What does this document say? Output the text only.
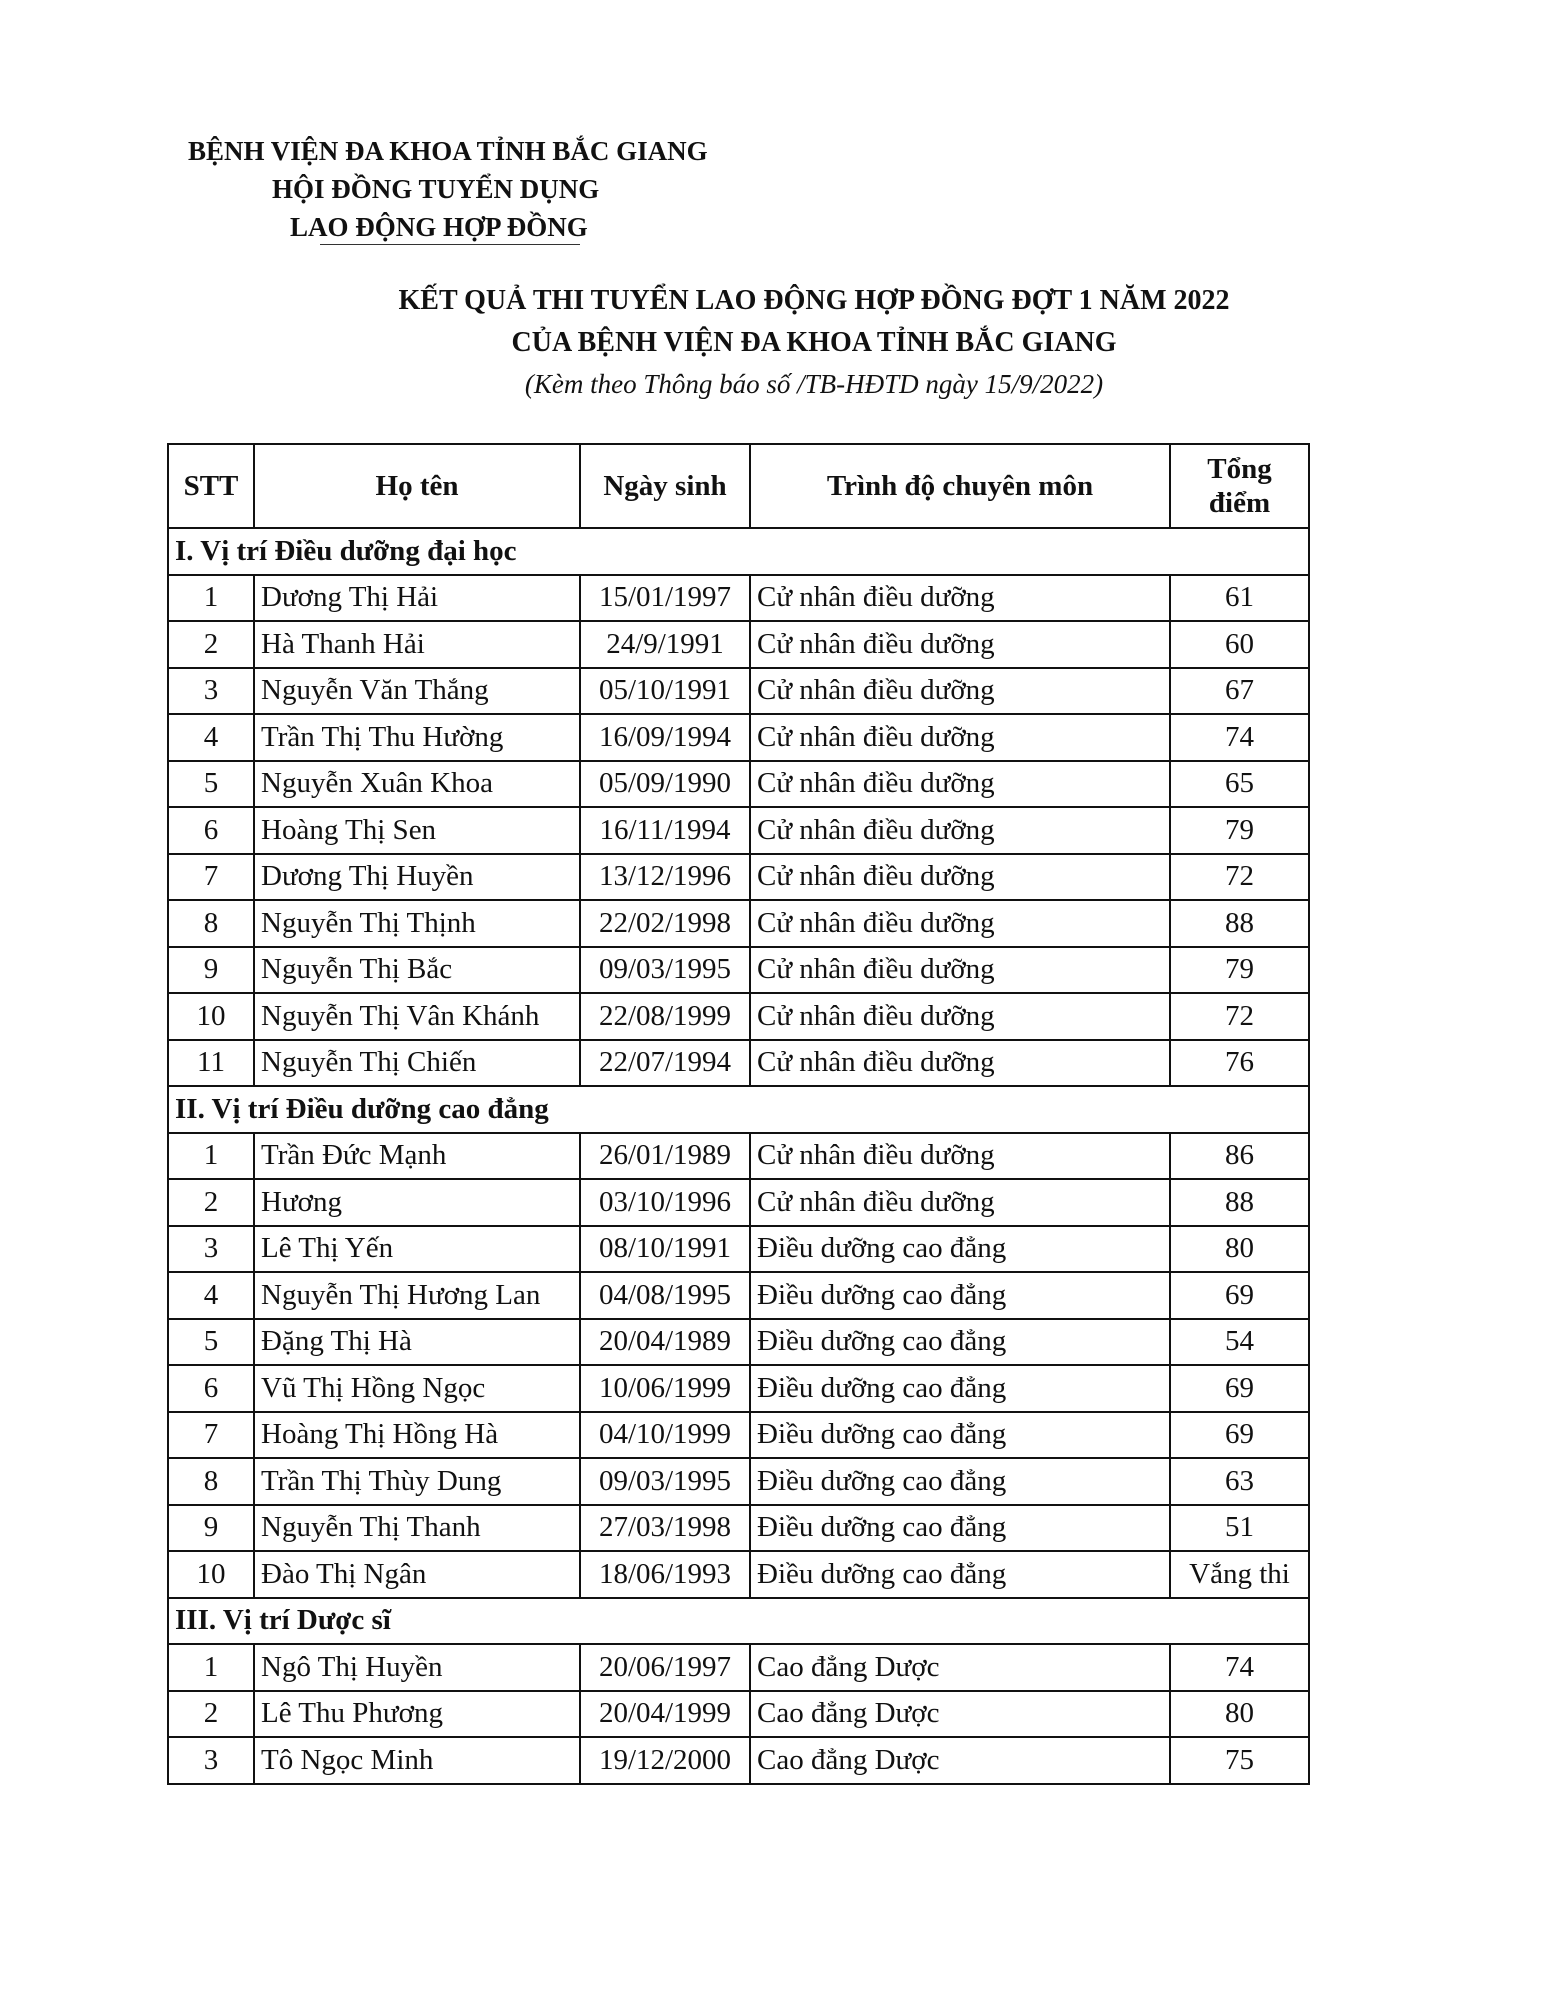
BỆNH VIỆN ĐA KHOA TỈNH BẮC GIANG
HỘI ĐỒNG TUYỂN DỤNG
LAO ĐỘNG HỢP ĐỒNG
KẾT QUẢ THI TUYỂN LAO ĐỘNG HỢP ĐỒNG ĐỢT 1 NĂM 2022
CỦA BỆNH VIỆN ĐA KHOA TỈNH BẮC GIANG
(Kèm theo Thông báo số /TB-HĐTD ngày 15/9/2022)
STT	Họ tên	Ngày sinh	Trình độ chuyên môn	Tổng điểm
I. Vị trí Điều dưỡng đại học				
1	Dương Thị Hải	15/01/1997	Cử nhân điều dưỡng	61
2	Hà Thanh Hải	24/9/1991	Cử nhân điều dưỡng	60
3	Nguyễn Văn Thắng	05/10/1991	Cử nhân điều dưỡng	67
4	Trần Thị Thu Hường	16/09/1994	Cử nhân điều dưỡng	74
5	Nguyễn Xuân Khoa	05/09/1990	Cử nhân điều dưỡng	65
6	Hoàng Thị Sen	16/11/1994	Cử nhân điều dưỡng	79
7	Dương Thị Huyền	13/12/1996	Cử nhân điều dưỡng	72
8	Nguyễn Thị Thịnh	22/02/1998	Cử nhân điều dưỡng	88
9	Nguyễn Thị Bắc	09/03/1995	Cử nhân điều dưỡng	79
10	Nguyễn Thị Vân Khánh	22/08/1999	Cử nhân điều dưỡng	72
11	Nguyễn Thị Chiến	22/07/1994	Cử nhân điều dưỡng	76
II. Vị trí Điều dưỡng cao đẳng				
1	Trần Đức Mạnh	26/01/1989	Cử nhân điều dưỡng	86
2	Hương	03/10/1996	Cử nhân điều dưỡng	88
3	Lê Thị Yến	08/10/1991	Điều dưỡng cao đẳng	80
4	Nguyễn Thị Hương Lan	04/08/1995	Điều dưỡng cao đẳng	69
5	Đặng Thị Hà	20/04/1989	Điều dưỡng cao đẳng	54
6	Vũ Thị Hồng Ngọc	10/06/1999	Điều dưỡng cao đẳng	69
7	Hoàng Thị Hồng Hà	04/10/1999	Điều dưỡng cao đẳng	69
8	Trần Thị Thùy Dung	09/03/1995	Điều dưỡng cao đẳng	63
9	Nguyễn Thị Thanh	27/03/1998	Điều dưỡng cao đẳng	51
10	Đào Thị Ngân	18/06/1993	Điều dưỡng cao đẳng	Vắng thi
III. Vị trí Dược sĩ				
1	Ngô Thị Huyền	20/06/1997	Cao đẳng Dược	74
2	Lê Thu Phương	20/04/1999	Cao đẳng Dược	80
3	Tô Ngọc Minh	19/12/2000	Cao đẳng Dược	75
